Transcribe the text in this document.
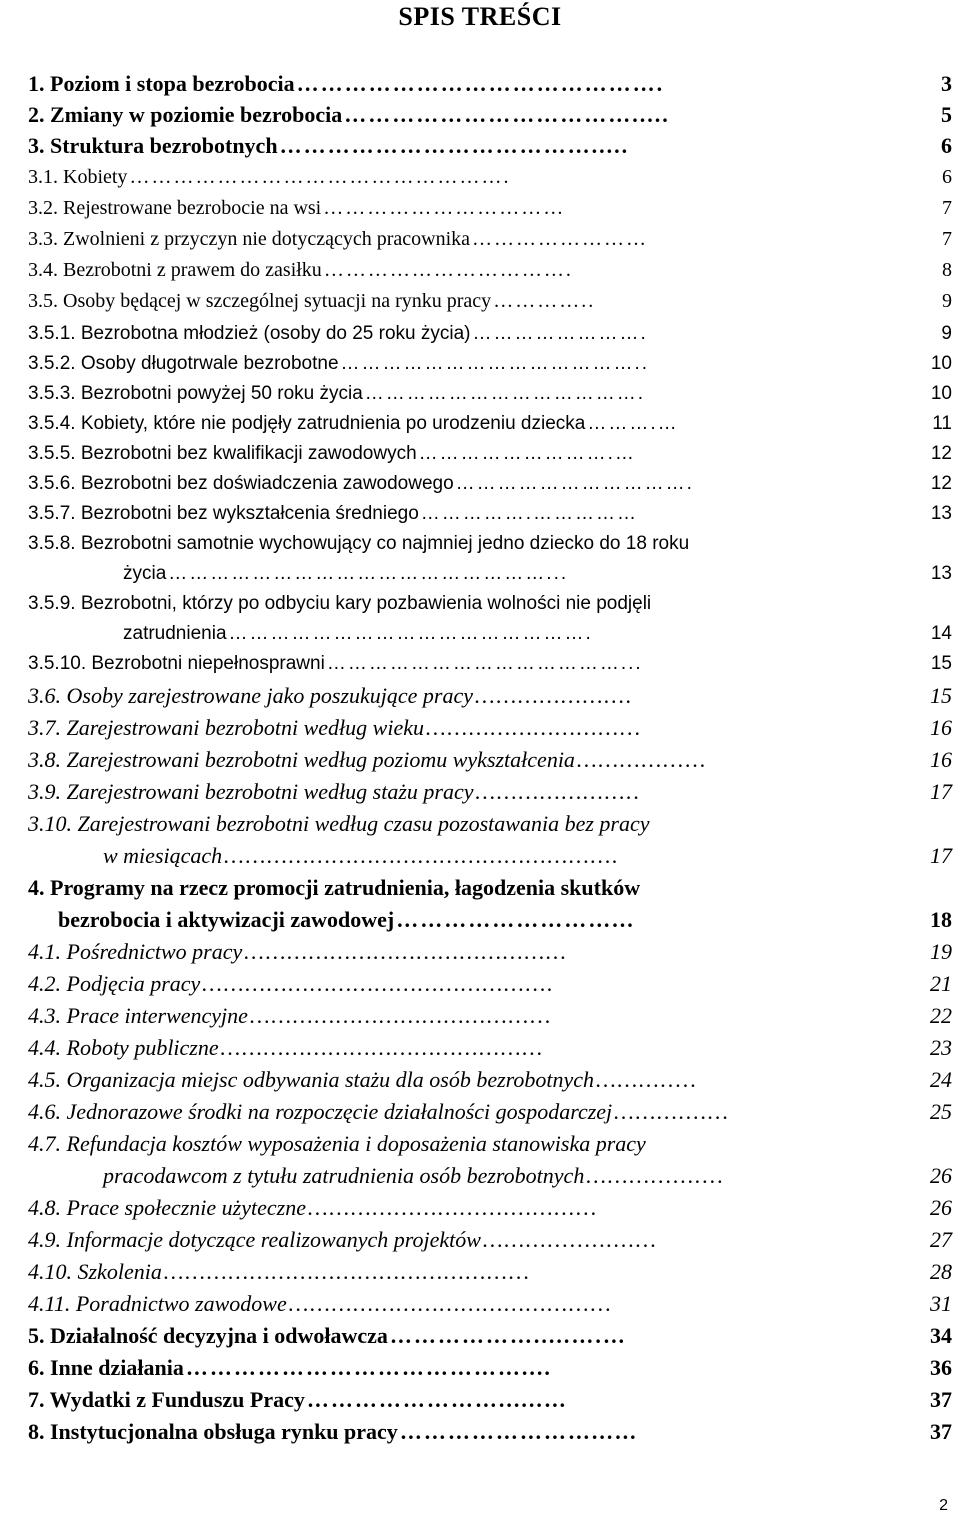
SPIS TREŚCI
1. Poziom i stopa bezrobocia ……………………………………….	3
2. Zmiany w poziomie bezrobocia ……………………………….....	5
3. Struktura bezrobotnych ………………………………….....	6
3.1. Kobiety …………………………………………….	6
3.2. Rejestrowane bezrobocie na wsi ……………………………	7
3.3. Zwolnieni z przyczyn nie dotyczących pracownika ……………………	7
3.4. Bezrobotni z prawem do zasiłku …………………………….	8
3.5. Osoby będącej w szczególnej sytuacji na rynku pracy …………..	9
3.5.1. Bezrobotna młodzież (osoby do 25 roku życia) …………………….	9
3.5.2. Osoby długotrwale bezrobotne ……………………………………..	10
3.5.3. Bezrobotni powyżej 50 roku życia ………………………………….	10
3.5.4. Kobiety, które nie podjęły zatrudnienia po urodzeniu dziecka ……….…	11
3.5.5. Bezrobotni bez kwalifikacji zawodowych ……………………….…	12
3.5.6. Bezrobotni bez doświadczenia zawodowego …………………………….	12
3.5.7. Bezrobotni bez wykształcenia średniego …………….……………	13
3.5.8. Bezrobotni samotnie wychowujący co najmniej jedno dziecko do 18 roku
życia ………………………………………………...	13
3.5.9. Bezrobotni, którzy po odbyciu kary pozbawienia wolności nie podjęli
zatrudnienia …………………………………………….	14
3.5.10. Bezrobotni niepełnosprawni ……………………………………...	15
3.6. Osoby zarejestrowane jako poszukujące pracy ………………….	15
3.7. Zarejestrowani bezrobotni według wieku ………………………...	16
3.8. Zarejestrowani bezrobotni według poziomu wykształcenia …………...…	16
3.9. Zarejestrowani bezrobotni według stażu pracy …………………..	17
3.10. Zarejestrowani bezrobotni według czasu pozostawania bez pracy
w miesiącach ……………………………………………….	17
4. Programy na rzecz promocji zatrudnienia, łagodzenia skutków
bezrobocia i aktywizacji zawodowej ………………………...	18
4.1. Pośrednictwo pracy ………………………………………	19
4.2. Podjęcia pracy ………………………………………….	21
4.3. Prace interwencyjne …………………………………...	22
4.4. Roboty publiczne ………………………………………	23
4.5. Organizacja miejsc odbywania stażu dla osób bezrobotnych ……….....	24
4.6. Jednorazowe środki na rozpoczęcie działalności gospodarczej ……….…...	25
4.7. Refundacja kosztów wyposażenia i doposażenia stanowiska pracy
pracodawcom z tytułu zatrudnienia osób bezrobotnych ………...…....	26
4.8. Prace społecznie użyteczne …………...……...….………...	26
4.9. Informacje dotyczące realizowanych projektów ……….....….…...	27
4.10. Szkolenia …………………………………………...	28
4.11. Poradnictwo zawodowe ……………………………………...	31
5. Działalność decyzyjna i odwoławcza ……………….....….…	34
6. Inne działania ……………………………………....	36
7. Wydatki z Funduszu Pracy ……………………......…	37
8. Instytucjonalna obsługa rynku pracy ……………………...…	37
2
